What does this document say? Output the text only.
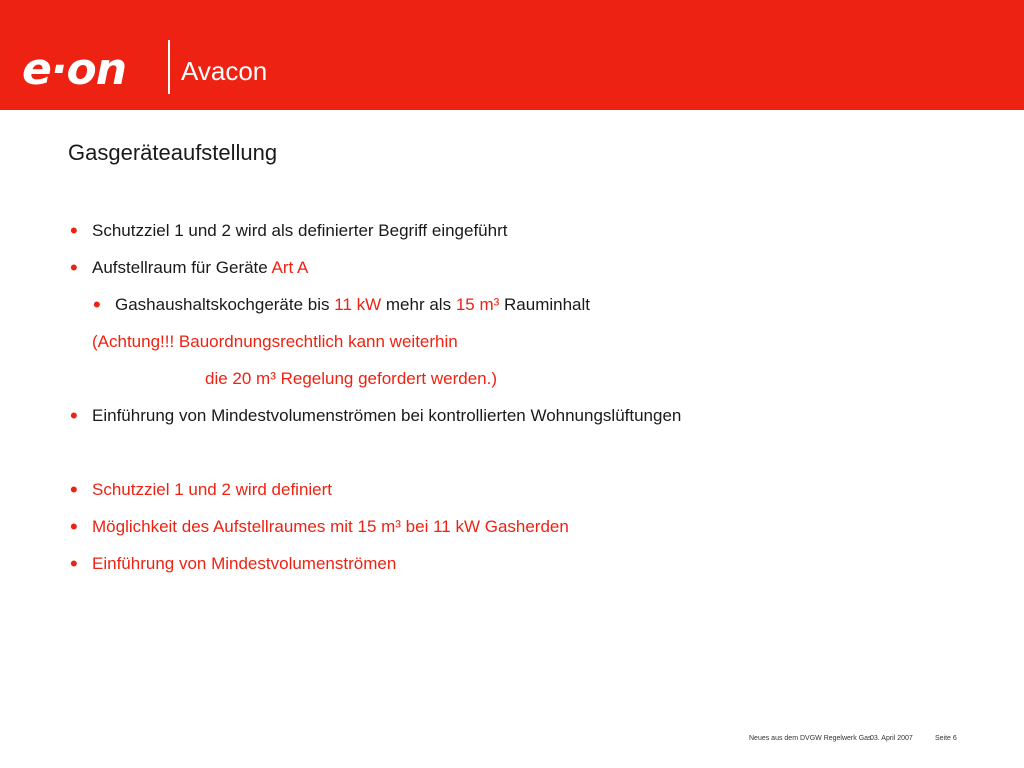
e·on Avacon
Gasgeräteaufstellung
• Schutzziel 1 und 2 wird als definierter Begriff eingeführt
• Aufstellraum für Geräte Art A
• Gashaushaltskochgeräte bis 11 kW mehr als 15 m³ Rauminhalt
(Achtung!!! Bauordnungsrechtlich kann weiterhin
die 20 m³ Regelung gefordert werden.)
• Einführung von Mindestvolumenströmen bei kontrollierten Wohnungslüftungen
• Schutzziel 1 und 2 wird definiert
• Möglichkeit des Aufstellraumes mit 15 m³ bei 11 kW Gasherden
• Einführung von Mindestvolumenströmen
Neues aus dem DVGW Regelwerk Gas
03. April 2007	Seite 6
